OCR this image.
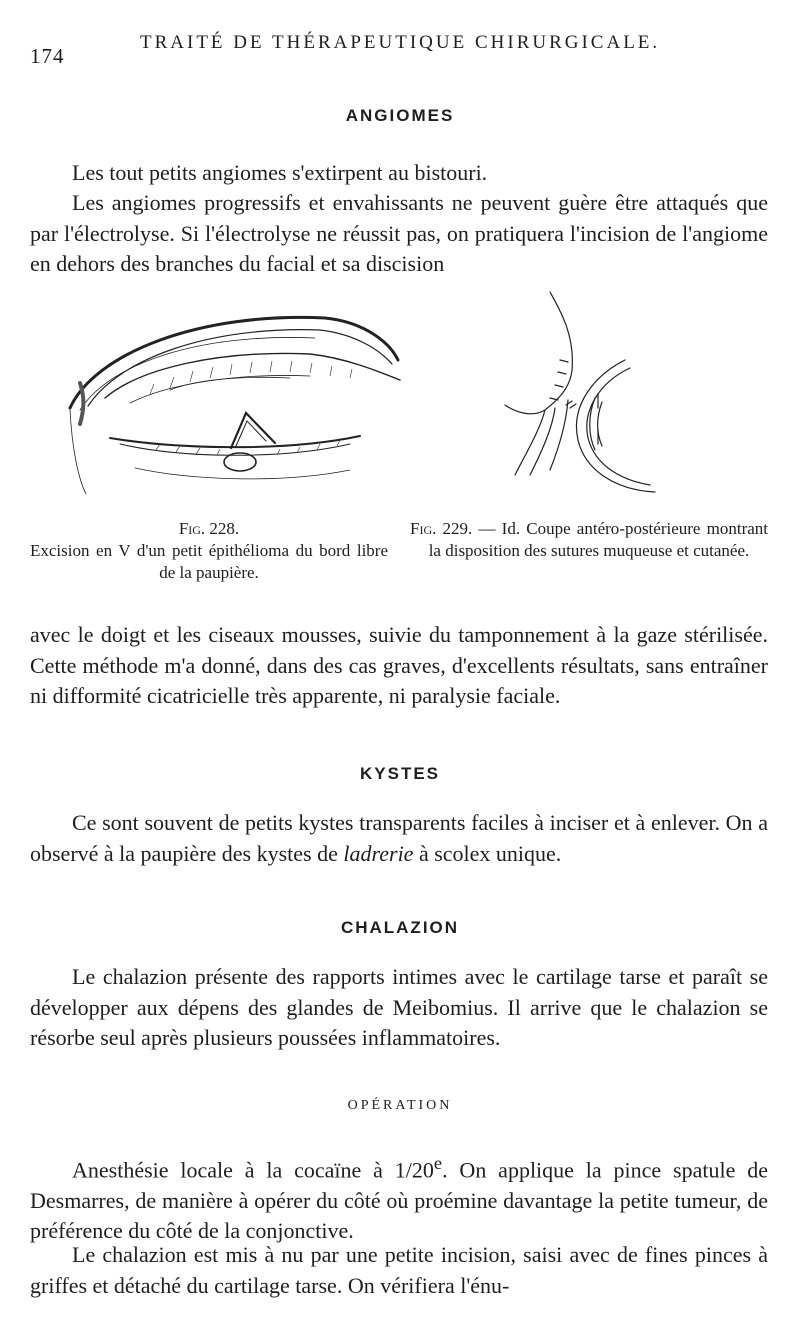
174
TRAITÉ DE THÉRAPEUTIQUE CHIRURGICALE.
ANGIOMES

Les tout petits angiomes s'extirpent au bistouri.

Les angiomes progressifs et envahissants ne peuvent guère être attaqués que par l'électrolyse. Si l'électrolyse ne réussit pas, on pratiquera l'incision de l'angiome en dehors des branches du facial et sa discision

Fig. 228.
Excision en V d'un petit épithélioma du bord libre de la paupière.

Fig. 229. — Id. Coupe antéro-postérieure montrant la disposition des sutures muqueuse et cutanée.

avec le doigt et les ciseaux mousses, suivie du tamponnement à la gaze stérilisée. Cette méthode m'a donné, dans des cas graves, d'excellents résultats, sans entraîner ni difformité cicatricielle très apparente, ni paralysie faciale.

KYSTES

Ce sont souvent de petits kystes transparents faciles à inciser et à enlever. On a observé à la paupière des kystes de ladrerie à scolex unique.

CHALAZION

Le chalazion présente des rapports intimes avec le cartilage tarse et paraît se développer aux dépens des glandes de Meibomius. Il arrive que le chalazion se résorbe seul après plusieurs poussées inflammatoires.

OPÉRATION

Anesthésie locale à la cocaïne à 1/20e. On applique la pince spatule de Desmarres, de manière à opérer du côté où proémine davantage la petite tumeur, de préférence du côté de la conjonctive.

Le chalazion est mis à nu par une petite incision, saisi avec de fines pinces à griffes et détaché du cartilage tarse. On vérifiera l'énu-
